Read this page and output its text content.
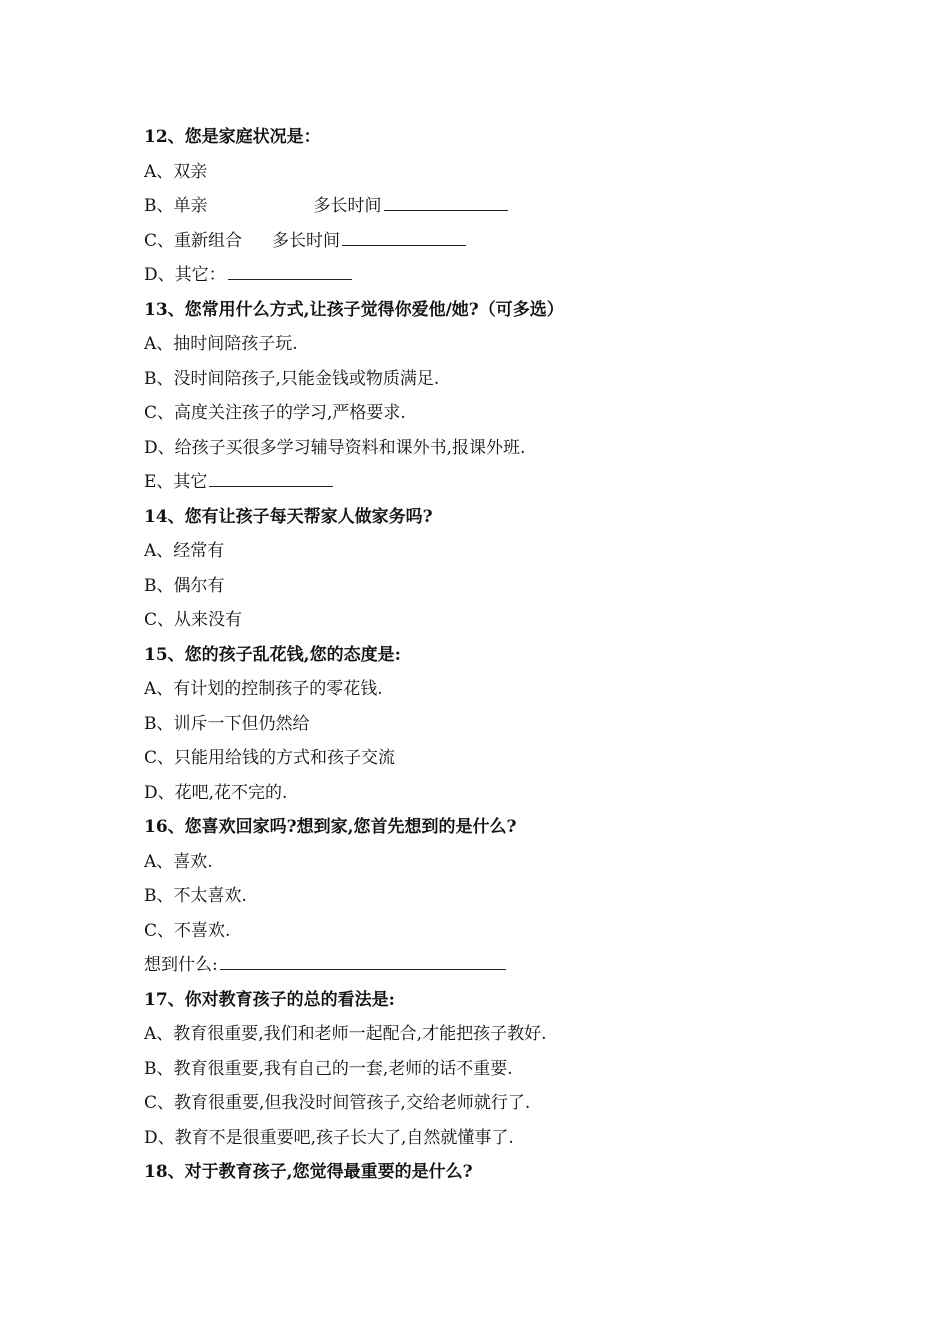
12、您是家庭状况是：
A、双亲
B、单亲	多长时间
C、重新组合 多长时间
D、其它：
13、您常用什么方式,让孩子觉得你爱他/她?（可多选）
A、抽时间陪孩子玩.
B、没时间陪孩子,只能金钱或物质满足.
C、高度关注孩子的学习,严格要求.
D、给孩子买很多学习辅导资料和课外书,报课外班.
E、其它
14、您有让孩子每天帮家人做家务吗?
A、经常有
B、偶尔有
C、从来没有
15、您的孩子乱花钱,您的态度是:
A、有计划的控制孩子的零花钱.
B、训斥一下但仍然给
C、只能用给钱的方式和孩子交流
D、花吧,花不完的.
16、您喜欢回家吗?想到家,您首先想到的是什么?
A、喜欢.
B、不太喜欢.
C、不喜欢.
想到什么:
17、你对教育孩子的总的看法是:
A、教育很重要,我们和老师一起配合,才能把孩子教好.
B、教育很重要,我有自己的一套,老师的话不重要.
C、教育很重要,但我没时间管孩子,交给老师就行了.
D、教育不是很重要吧,孩子长大了,自然就懂事了.
18、对于教育孩子,您觉得最重要的是什么?
